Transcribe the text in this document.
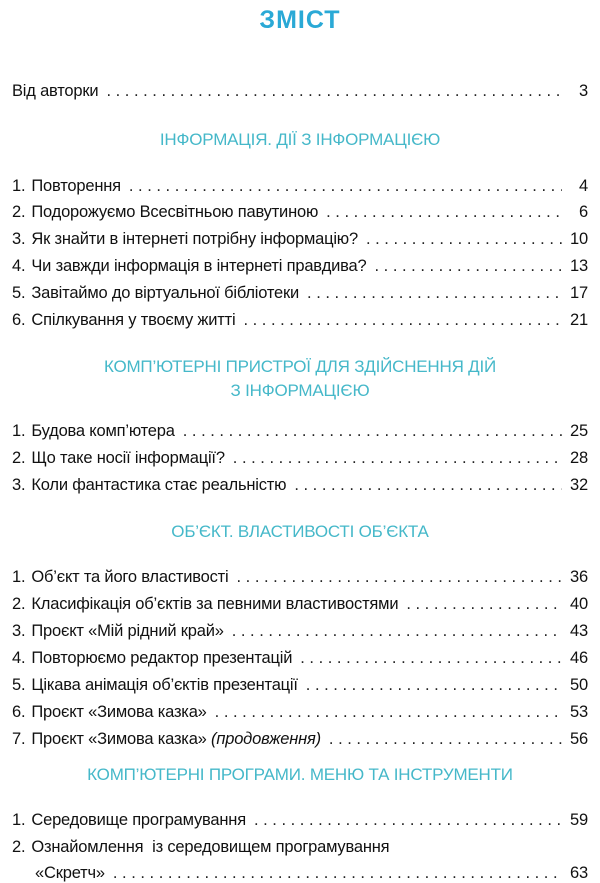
ЗМІСТ
Від авторки . . .	3
ІНФОРМАЦІЯ. ДІЇ З ІНФОРМАЦІЄЮ
1. Повторення . . .	4
2. Подорожуємо Всесвітньою павутиною . . .	6
3. Як знайти в інтернеті потрібну інформацію? . . .	10
4. Чи завжди інформація в інтернеті правдива? . . .	13
5. Завітаймо до віртуальної бібліотеки . . .	17
6. Спілкування у твоєму житті . . .	21
КОМП’ЮТЕРНІ ПРИСТРОЇ ДЛЯ ЗДІЙСНЕННЯ ДІЙ
З ІНФОРМАЦІЄЮ
1. Будова комп’ютера . . .	25
2. Що таке носії інформації? . . .	28
3. Коли фантастика стає реальністю . . .	32
ОБ’ЄКТ. ВЛАСТИВОСТІ ОБ’ЄКТА
1. Об’єкт та його властивості . . .	36
2. Класифікація об’єктів за певними властивостями . . .	40
3. Проєкт «Мій рідний край» . . .	43
4. Повторюємо редактор презентацій . . .	46
5. Цікава анімація об’єктів презентації . . .	50
6. Проєкт «Зимова казка» . . .	53
7. Проєкт «Зимова казка» (продовження) . . .	56
КОМП’ЮТЕРНІ ПРОГРАМИ. МЕНЮ ТА ІНСТРУМЕНТИ
1. Середовище програмування . . .	59
2. Ознайомлення  із середовищем програмування
«Скретч» . . .	63
